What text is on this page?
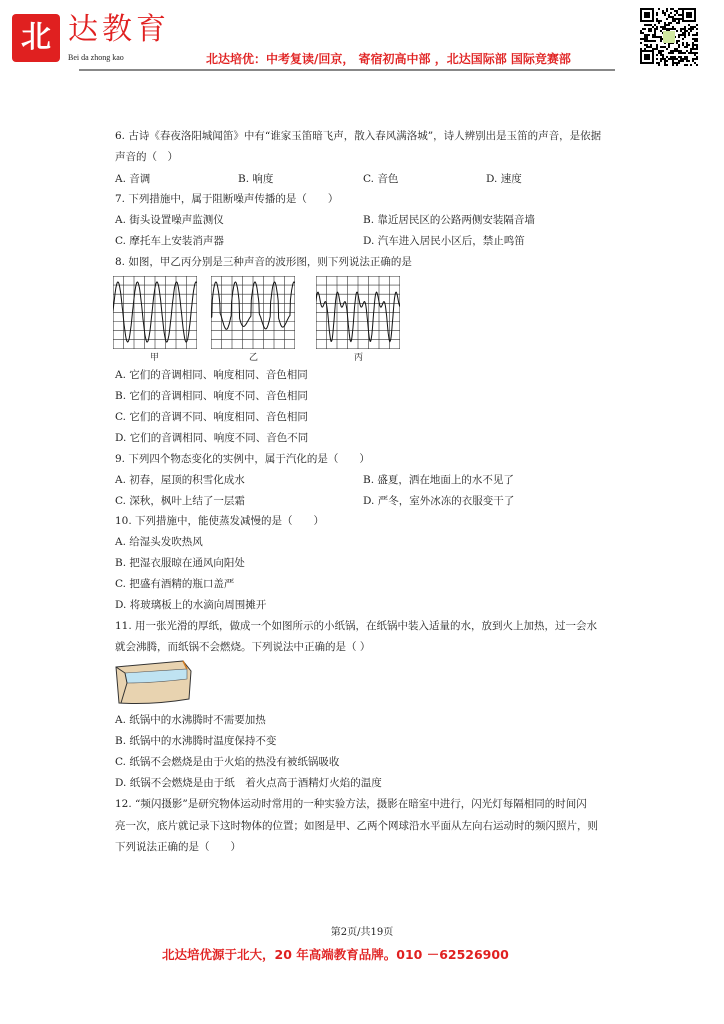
北 达教育
Bei da zhong kao	北达培优：中考复读/回京， 寄宿初高中部 ，北达国际部 国际竞赛部
6. 古诗《春夜洛阳城闻笛》中有“谁家玉笛暗飞声，散入春风满洛城”，诗人辨别出是玉笛的声音，是依据
声音的（　）
A. 音调	B. 响度	C. 音色	D. 速度
7. 下列措施中，属于阻断噪声传播的是（　　）
A. 街头设置噪声监测仪	B. 靠近居民区的公路两侧安装隔音墙
C. 摩托车上安装消声器	D. 汽车进入居民小区后，禁止鸣笛
8. 如图，甲乙丙分别是三种声音的波形图，则下列说法正确的是
甲	乙	丙
A. 它们的音调相同、响度相同、音色相同
B. 它们的音调相同、响度不同、音色相同
C. 它们的音调不同、响度相同、音色相同
D. 它们的音调相同、响度不同、音色不同
9. 下列四个物态变化的实例中，属于汽化的是（　　）
A. 初春，屋顶的积雪化成水	B. 盛夏，洒在地面上的水不见了
C. 深秋，枫叶上结了一层霜	D. 严冬，室外冰冻的衣服变干了
10. 下列措施中，能使蒸发减慢的是（　　）
A. 给湿头发吹热风
B. 把湿衣服晾在通风向阳处
C. 把盛有酒精的瓶口盖严
D. 将玻璃板上的水滴向周围摊开
11. 用一张光滑的厚纸，做成一个如图所示的小纸锅，在纸锅中装入适量的水，放到火上加热，过一会水
就会沸腾，而纸锅不会燃烧。下列说法中正确的是（ ）
A. 纸锅中的水沸腾时不需要加热
B. 纸锅中的水沸腾时温度保持不变
C. 纸锅不会燃烧是由于火焰的热没有被纸锅吸收
D. 纸锅不会燃烧是由于纸　着火点高于酒精灯火焰的温度
12. “频闪摄影”是研究物体运动时常用的一种实验方法，摄影在暗室中进行，闪光灯每隔相同的时间闪
亮一次，底片就记录下这时物体的位置；如图是甲、乙两个网球沿水平面从左向右运动时的频闪照片，则
下列说法正确的是（　　）
第2页/共19页
北达培优源于北大，20 年高端教育品牌。010 －62526900
